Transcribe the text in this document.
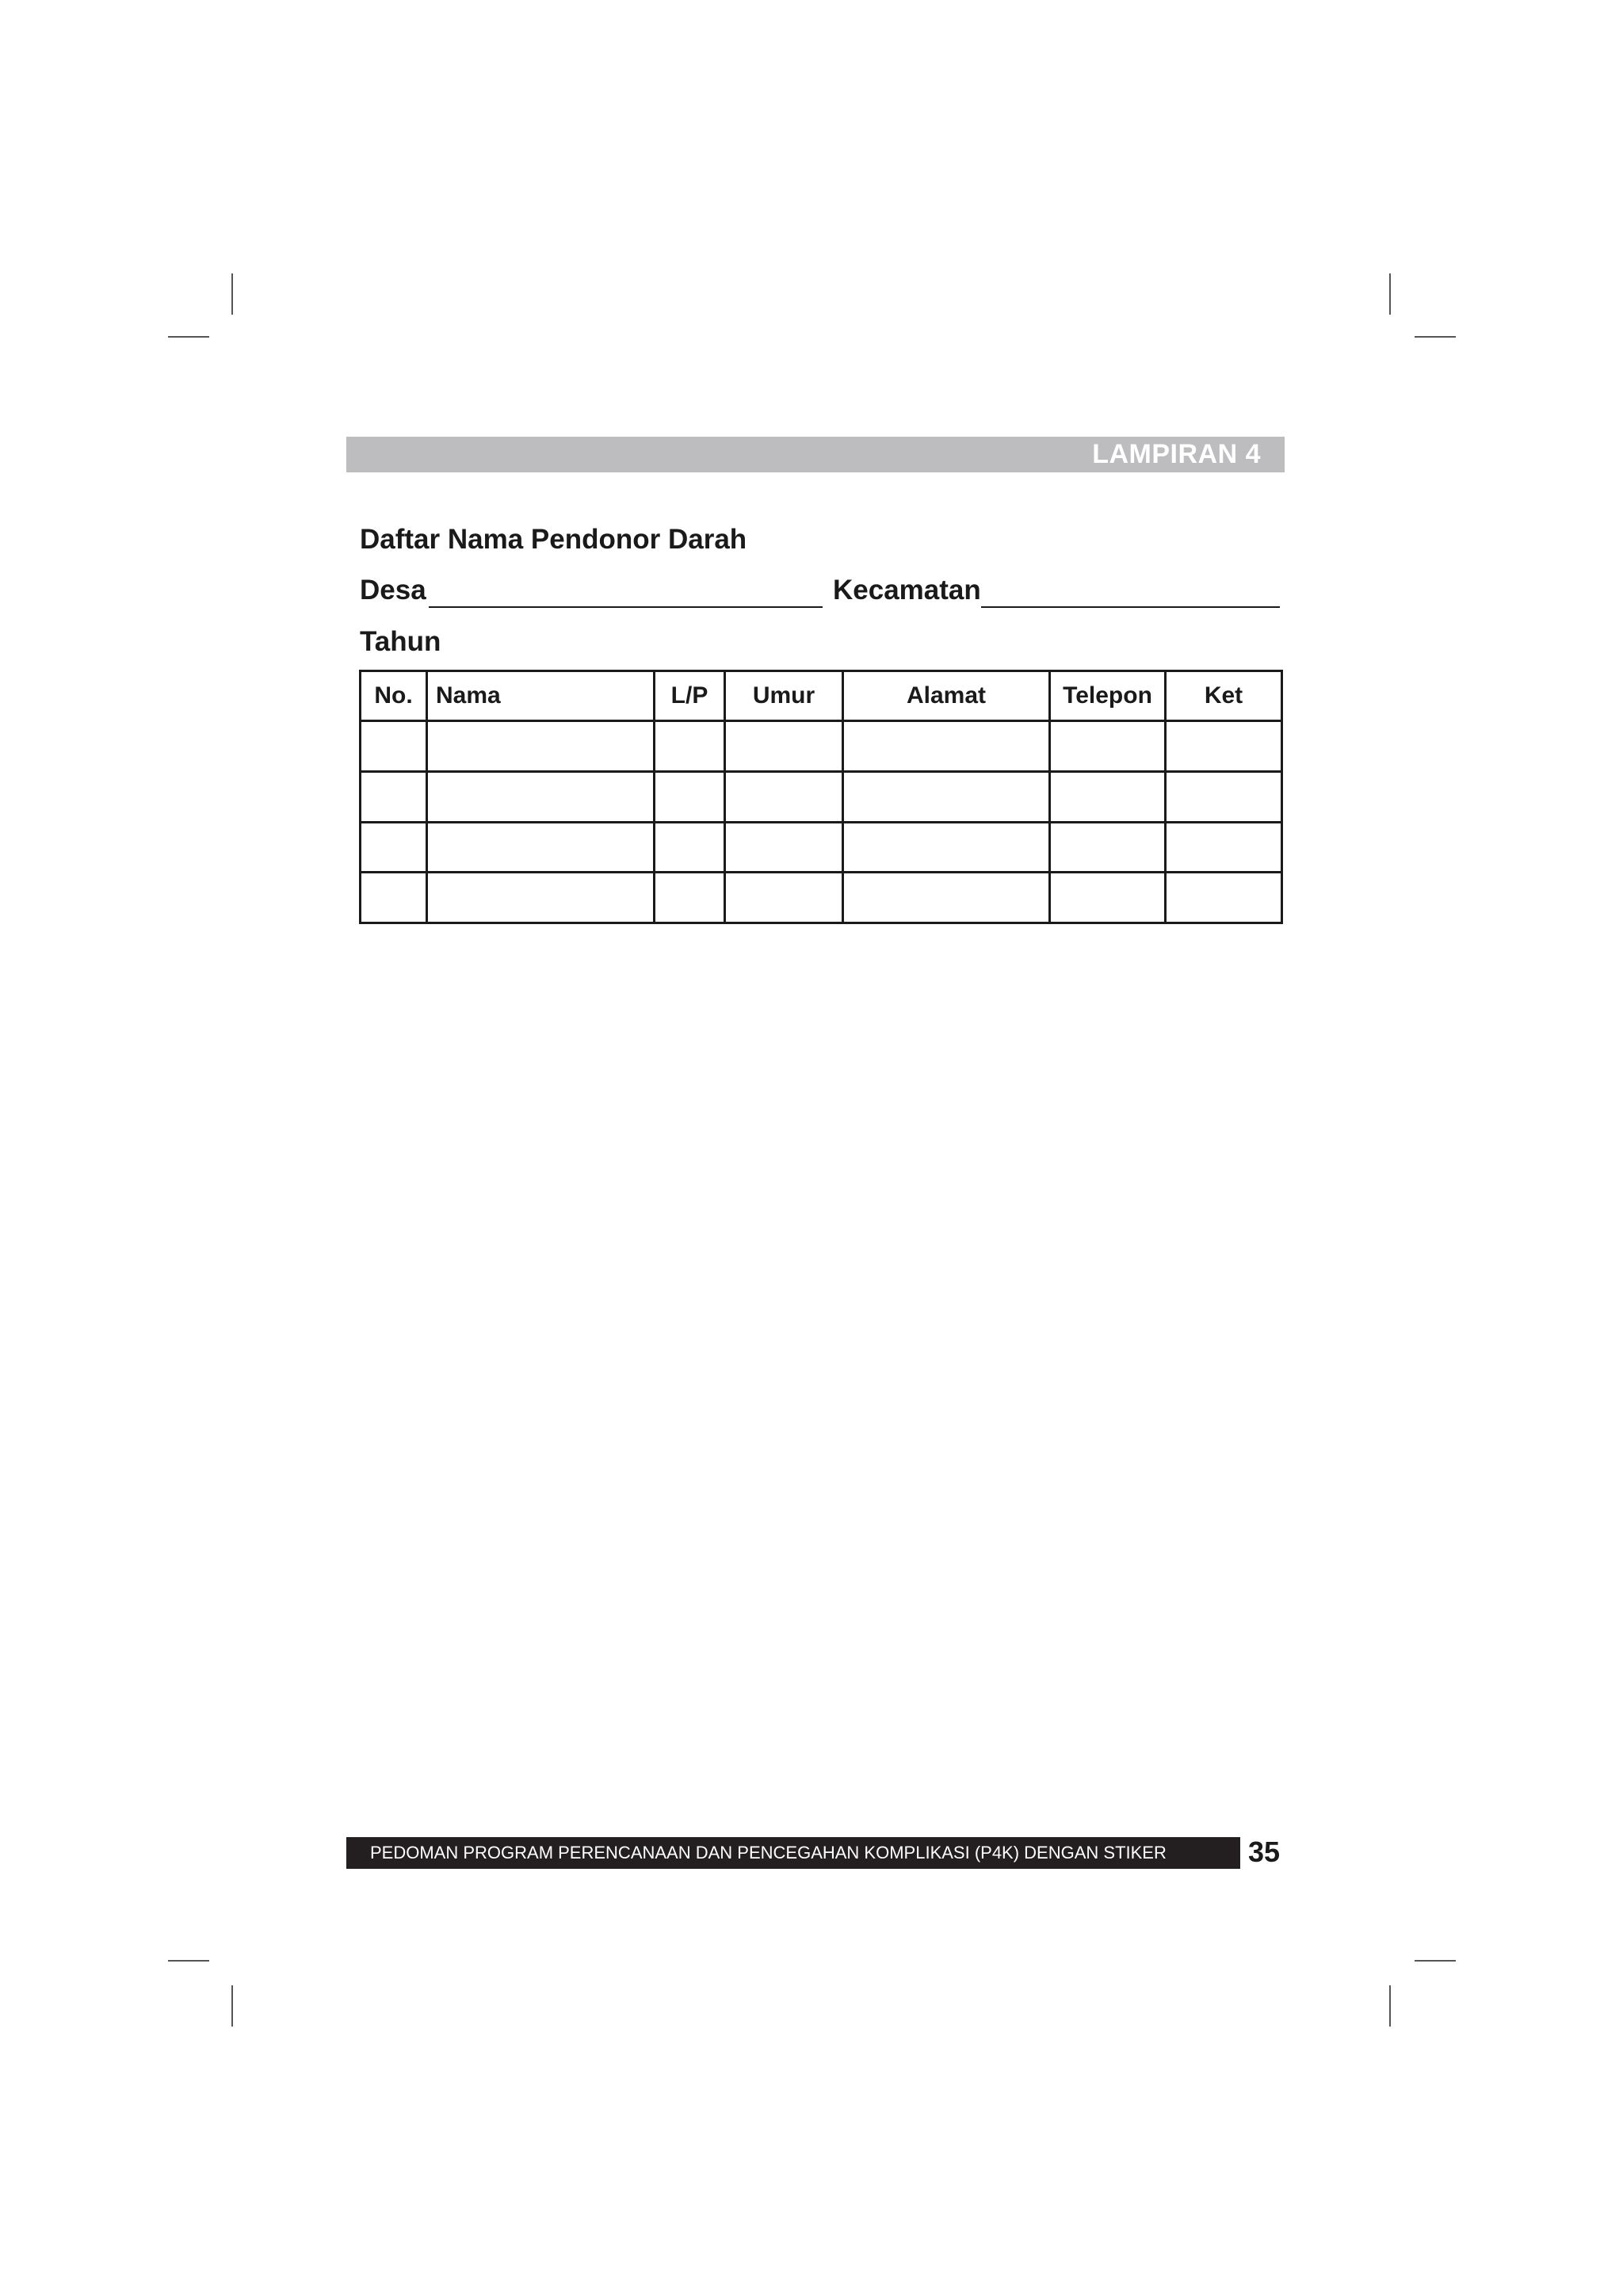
LAMPIRAN 4
Daftar Nama Pendonor Darah
Desa	Kecamatan
Tahun
No.	Nama	L/P	Umur	Alamat	Telepon	Ket

PEDOMAN PROGRAM PERENCANAAN DAN PENCEGAHAN KOMPLIKASI (P4K) DENGAN STIKER	35
